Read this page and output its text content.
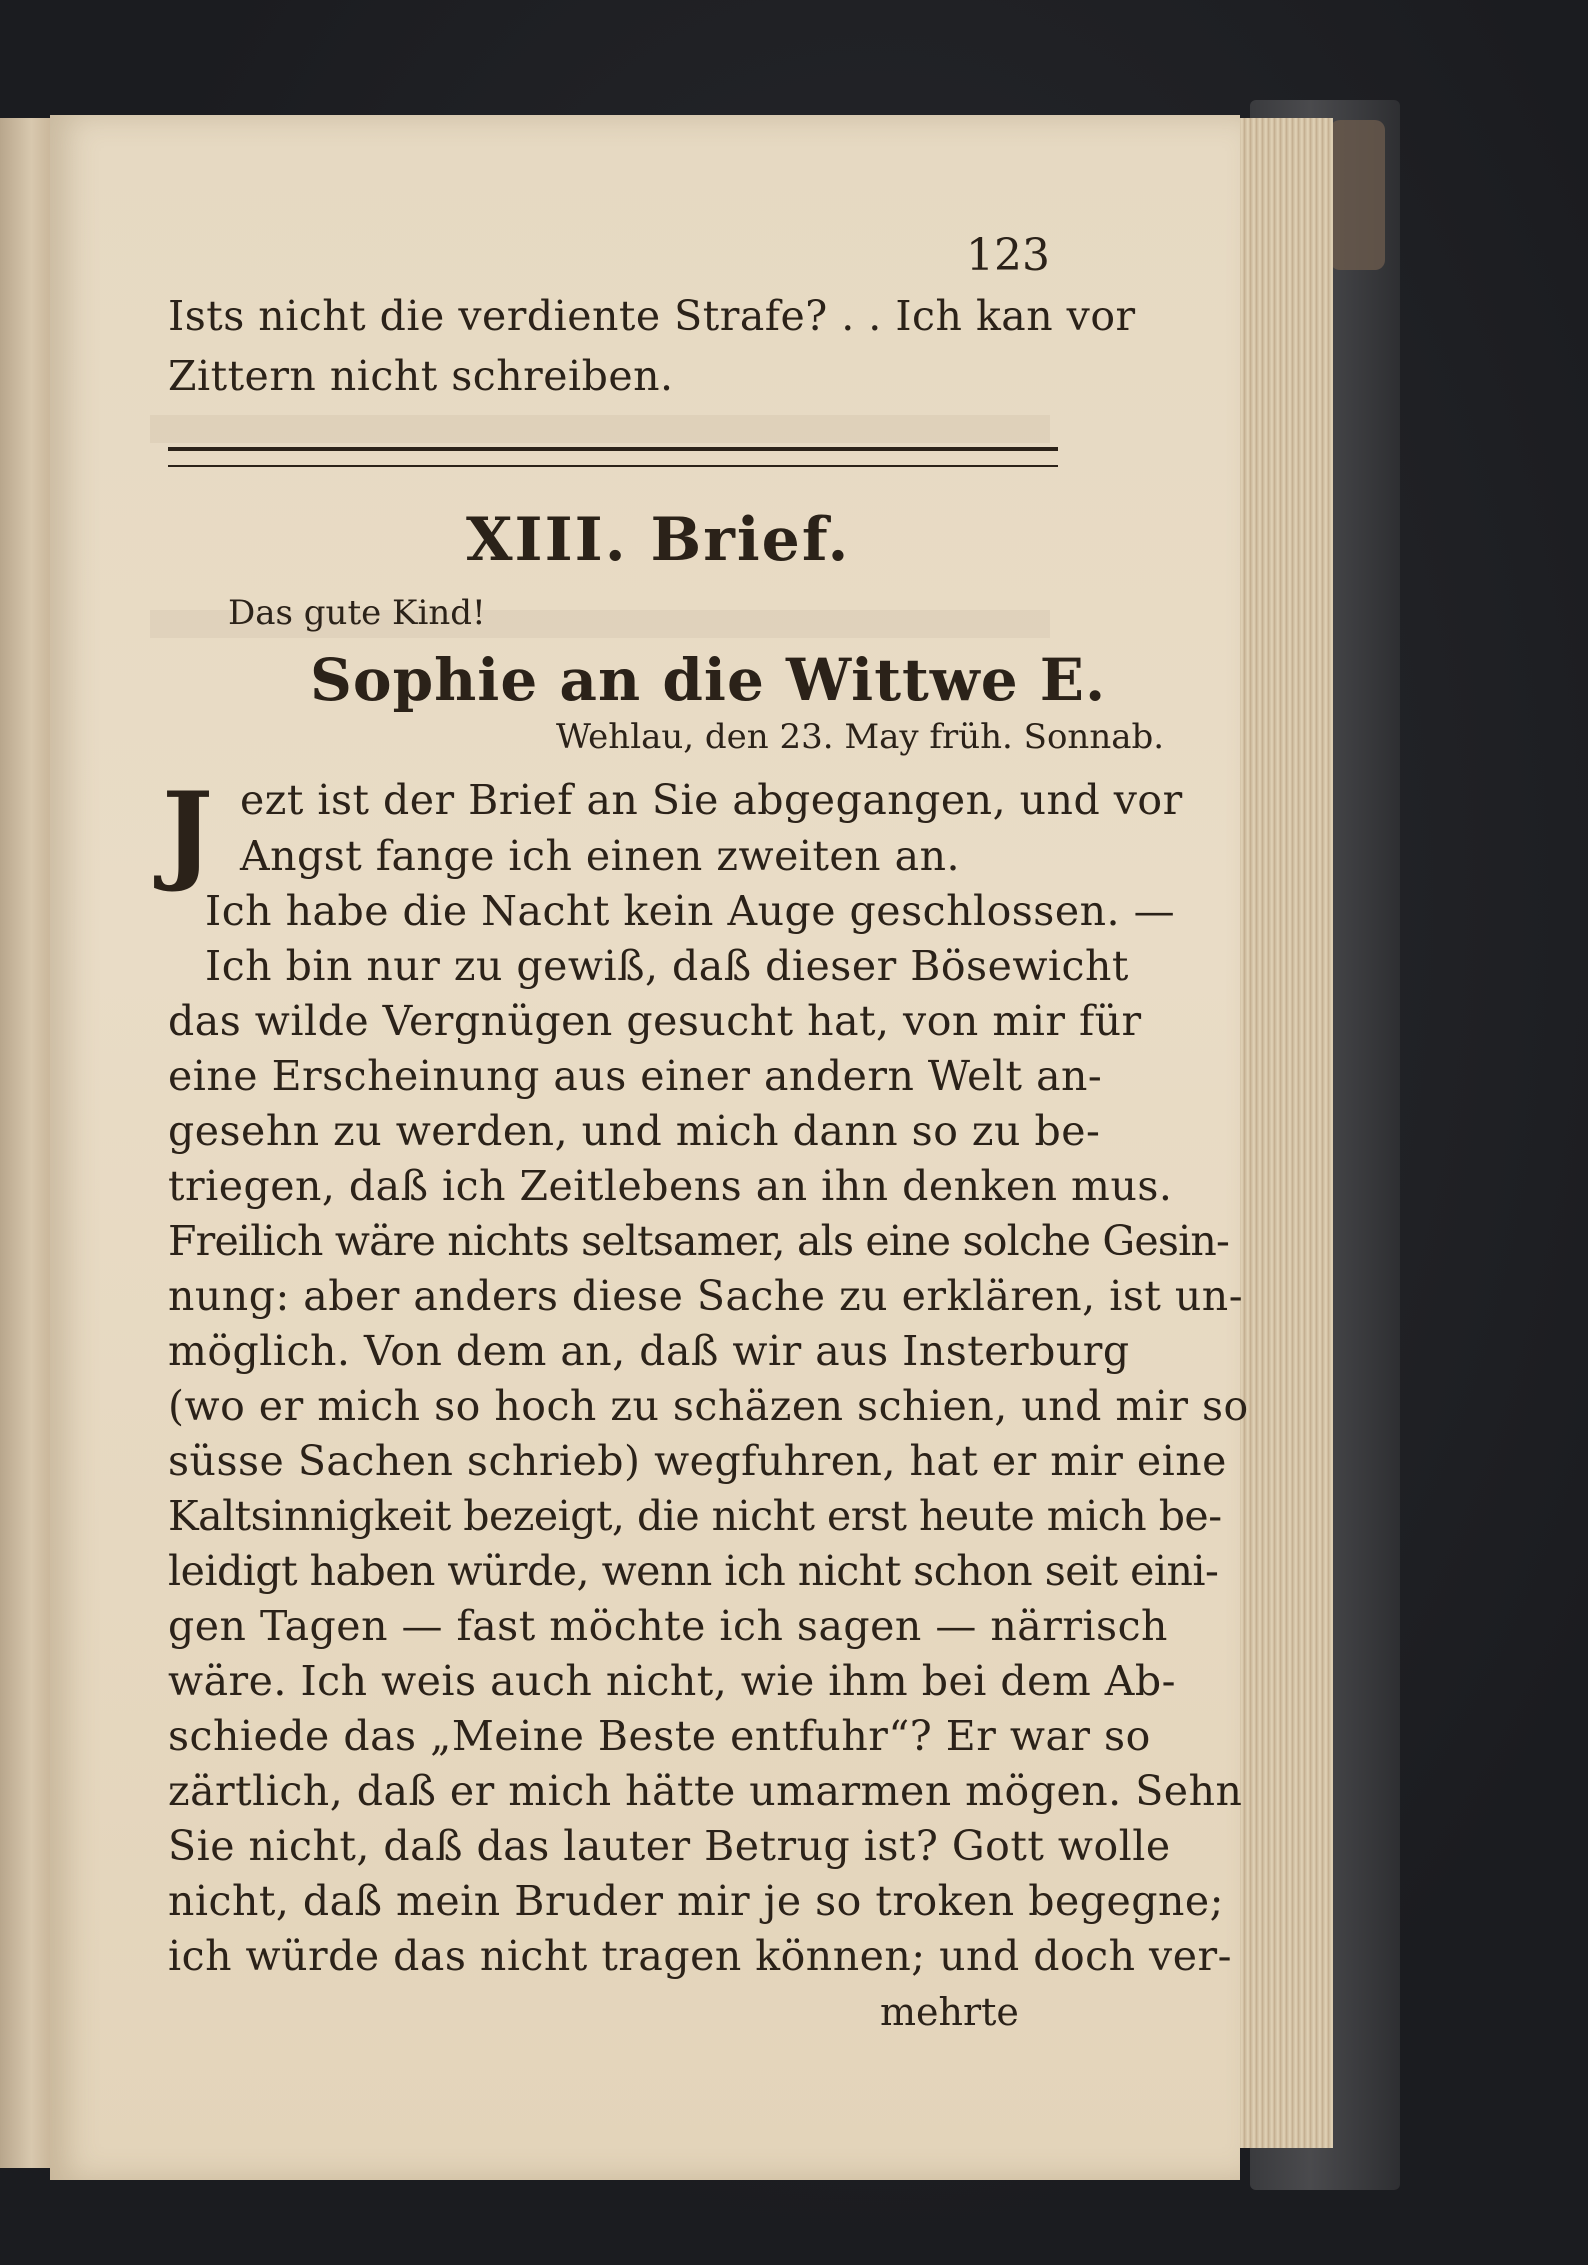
123
Ists nicht die verdiente Strafe? . . Ich kan vor
Zittern nicht schreiben.
XIII. Brief.
Das gute Kind!
Sophie an die Wittwe E.
Wehlau, den 23. May früh. Sonnab.
J ezt ist der Brief an Sie abgegangen, und vor
Angst fange ich einen zweiten an.
Ich habe die Nacht kein Auge geschlossen. —
Ich bin nur zu gewiß, daß dieser Bösewicht
das wilde Vergnügen gesucht hat, von mir für
eine Erscheinung aus einer andern Welt an-
gesehn zu werden, und mich dann so zu be-
triegen, daß ich Zeitlebens an ihn denken mus.
Freilich wäre nichts seltsamer, als eine solche Gesin-
nung: aber anders diese Sache zu erklären, ist un-
möglich. Von dem an, daß wir aus Insterburg
(wo er mich so hoch zu schäzen schien, und mir so
süsse Sachen schrieb) wegfuhren, hat er mir eine
Kaltsinnigkeit bezeigt, die nicht erst heute mich be-
leidigt haben würde, wenn ich nicht schon seit eini-
gen Tagen — fast möchte ich sagen — närrisch
wäre. Ich weis auch nicht, wie ihm bei dem Ab-
schiede das „Meine Beste entfuhr“? Er war so
zärtlich, daß er mich hätte umarmen mögen. Sehn
Sie nicht, daß das lauter Betrug ist? Gott wolle
nicht, daß mein Bruder mir je so troken begegne;
ich würde das nicht tragen können; und doch ver-
mehrte
